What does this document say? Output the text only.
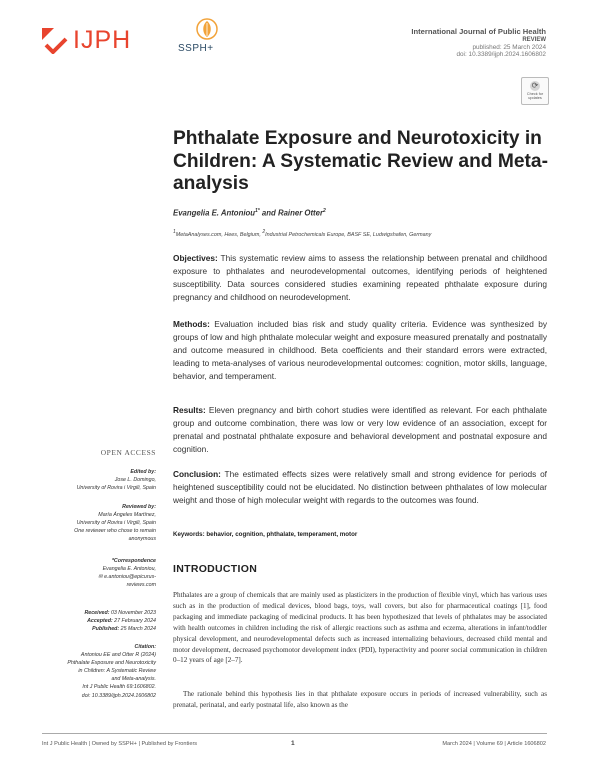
IJPH	SSPH+
International Journal of Public Health
REVIEW
published: 25 March 2024
doi: 10.3389/ijph.2024.1606802
⟳
Check for updates
Phthalate Exposure and Neurotoxicity in Children: A Systematic Review and Meta-analysis
Evangelia E. Antoniou$^{1*}$ and Rainer Otter$^2$
$^1$MetaAnalyses.com, Hees, Belgium, $^2$Industrial Petrochemicals Europe, BASF SE, Ludwigshafen, Germany
Objectives: This systematic review aims to assess the relationship between prenatal and childhood exposure to phthalates and neurodevelopmental outcomes, identifying periods of heightened susceptibility. Data sources considered studies examining repeated phthalate exposure during pregnancy and childhood on neurodevelopment.
Methods: Evaluation included bias risk and study quality criteria. Evidence was synthesized by groups of low and high phthalate molecular weight and exposure measured prenatally and postnatally and outcome measured in childhood. Beta coefficients and their standard errors were extracted, leading to meta-analyses of various neurodevelopmental outcomes: cognition, motor skills, language, behavior, and temperament.
Results: Eleven pregnancy and birth cohort studies were identified as relevant. For each phthalate group and outcome combination, there was low or very low evidence of an association, except for prenatal and postnatal phthalate exposure and behavioral development and postnatal exposure and cognition.
Conclusion: The estimated effects sizes were relatively small and strong evidence for periods of heightened susceptibility could not be elucidated. No distinction between phthalates of low molecular weight and those of high molecular weight with regards to the outcomes was found.
Keywords: behavior, cognition, phthalate, temperament, motor
OPEN ACCESS
Edited by:
Jose L. Domingo,
University of Rovira i Virgili, Spain
Reviewed by:
María Ángeles Martínez,
University of Rovira i Virgili, Spain
One reviewer who chose to remain
anonymous
*Correspondence
Evangelia E. Antoniou,
✉ e.antoniou@epicurus-
reviews.com
Received: 03 November 2023
Accepted: 27 February 2024
Published: 25 March 2024
Citation:
Antoniou EE and Otter R (2024)
Phthalate Exposure and Neurotoxicity
in Children: A Systematic Review
and Meta-analysis.
Int J Public Health 69:1606802.
doi: 10.3389/ijph.2024.1606802
INTRODUCTION
Phthalates are a group of chemicals that are mainly used as plasticizers in the production of flexible vinyl, which has various uses such as in the production of medical devices, blood bags, toys, wall covers, but also for pharmaceutical coatings [1], food packaging and immediate packaging of medicinal products. It has been hypothesized that levels of phthalates may be associated with health outcomes in children including the risk of allergic reactions such as asthma and eczema, alterations in infant/toddler physical development, and neurodevelopmental defects such as increased internalizing behaviours, decreased child mental and motor development, decreased psychomotor development index (PDI), hyperactivity and poorer social communication in children 0–12 years of age [2–7].
The rationale behind this hypothesis lies in that phthalate exposure occurs in periods of increased vulnerability, such as prenatal, perinatal, and early postnatal life, also known as the
Int J Public Health | Owned by SSPH+ | Published by Frontiers	1	March 2024 | Volume 69 | Article 1606802
